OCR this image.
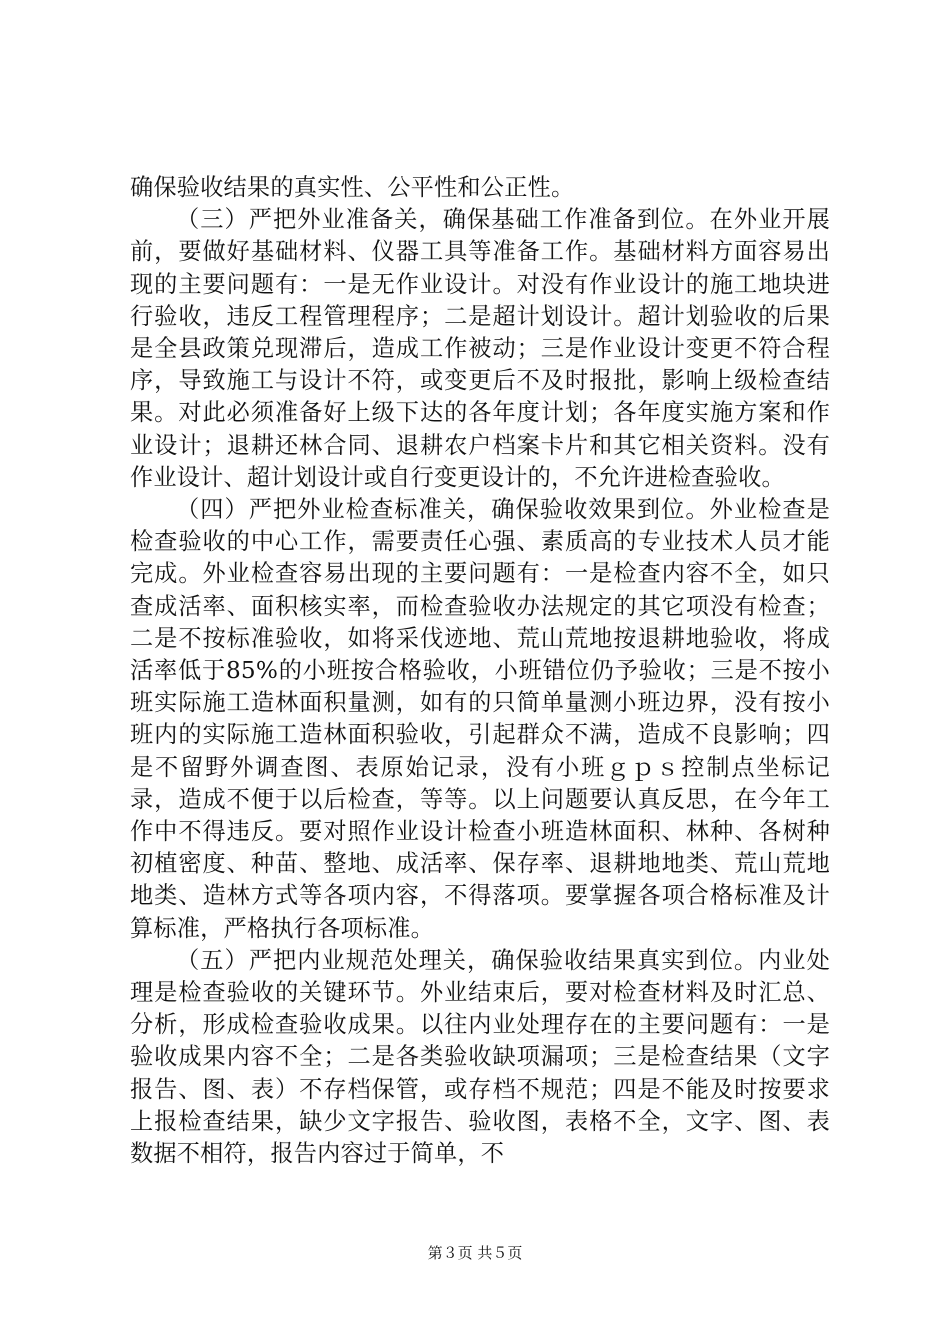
确保验收结果的真实性、公平性和公正性。

（三）严把外业准备关，确保基础工作准备到位。在外业开展前，要做好基础材料、仪器工具等准备工作。基础材料方面容易出现的主要问题有：一是无作业设计。对没有作业设计的施工地块进行验收，违反工程管理程序；二是超计划设计。超计划验收的后果是全县政策兑现滞后，造成工作被动；三是作业设计变更不符合程序，导致施工与设计不符，或变更后不及时报批，影响上级检查结果。对此必须准备好上级下达的各年度计划；各年度实施方案和作业设计；退耕还林合同、退耕农户档案卡片和其它相关资料。没有作业设计、超计划设计或自行变更设计的，不允许进检查验收。

（四）严把外业检查标准关，确保验收效果到位。外业检查是检查验收的中心工作，需要责任心强、素质高的专业技术人员才能完成。外业检查容易出现的主要问题有：一是检查内容不全，如只查成活率、面积核实率，而检查验收办法规定的其它项没有检查；二是不按标准验收，如将采伐迹地、荒山荒地按退耕地验收，将成活率低于85%的小班按合格验收，小班错位仍予验收；三是不按小班实际施工造林面积量测，如有的只简单量测小班边界，没有按小班内的实际施工造林面积验收，引起群众不满，造成不良影响；四是不留野外调查图、表原始记录，没有小班ｇｐｓ控制点坐标记录，造成不便于以后检查，等等。以上问题要认真反思，在今年工作中不得违反。要对照作业设计检查小班造林面积、林种、各树种初植密度、种苗、整地、成活率、保存率、退耕地地类、荒山荒地地类、造林方式等各项内容，不得落项。要掌握各项合格标准及计算标准，严格执行各项标准。

（五）严把内业规范处理关，确保验收结果真实到位。内业处理是检查验收的关键环节。外业结束后，要对检查材料及时汇总、分析，形成检查验收成果。以往内业处理存在的主要问题有：一是验收成果内容不全；二是各类验收缺项漏项；三是检查结果（文字报告、图、表）不存档保管，或存档不规范；四是不能及时按要求上报检查结果，缺少文字报告、验收图，表格不全，文字、图、表数据不相符，报告内容过于简单，不

第３页 共５页
